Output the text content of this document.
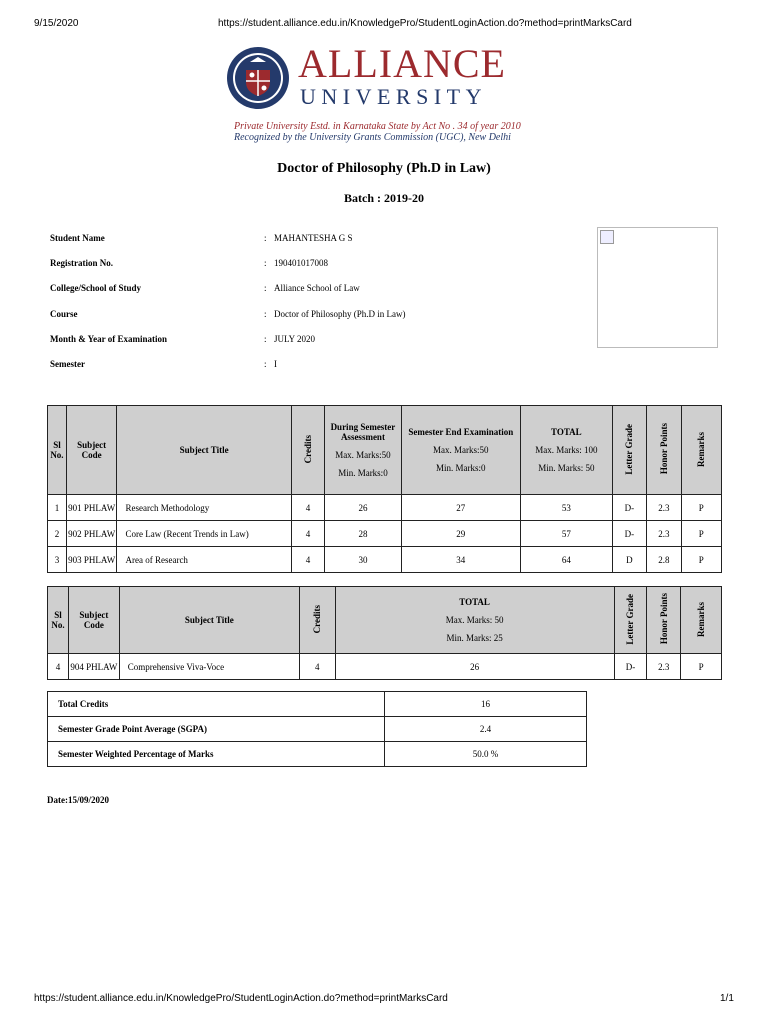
9/15/2020	https://student.alliance.edu.in/KnowledgePro/StudentLoginAction.do?method=printMarksCard
https://student.alliance.edu.in/KnowledgePro/StudentLoginAction.do?method=printMarksCard	1/1
ALLIANCE
UNIVERSITY
Private University Estd. in Karnataka State by Act No . 34 of year 2010
Recognized by the University Grants Commission (UGC), New Delhi
Doctor of Philosophy (Ph.D in Law)
Batch : 2019-20
Student Name	: MAHANTESHA G S
Registration No.	: 190401017008
College/School of Study	: Alliance School of Law
Course	: Doctor of Philosophy (Ph.D in Law)
Month & Year of Examination	: JULY 2020
Semester	: I
Sl No.	Subject Code	Subject Title	Credits	During Semester Assessment
Max. Marks:50
Min. Marks:0	Semester End Examination
Max. Marks:50
Min. Marks:0	TOTAL
Max. Marks: 100
Min. Marks: 50	Letter Grade	Honor Points	Remarks
1	901 PHLAW	Research Methodology	4	26	27	53	D-	2.3	P
2	902 PHLAW	Core Law (Recent Trends in Law)	4	28	29	57	D-	2.3	P
3	903 PHLAW	Area of Research	4	30	34	64	D	2.8	P
Sl No.	Subject Code	Subject Title	Credits	TOTAL
Max. Marks: 50
Min. Marks: 25	Letter Grade	Honor Points	Remarks
4	904 PHLAW	Comprehensive Viva-Voce	4	26	D-	2.3	P
Total Credits	16
Semester Grade Point Average (SGPA)	2.4
Semester Weighted Percentage of Marks	50.0 %
Date:15/09/2020
